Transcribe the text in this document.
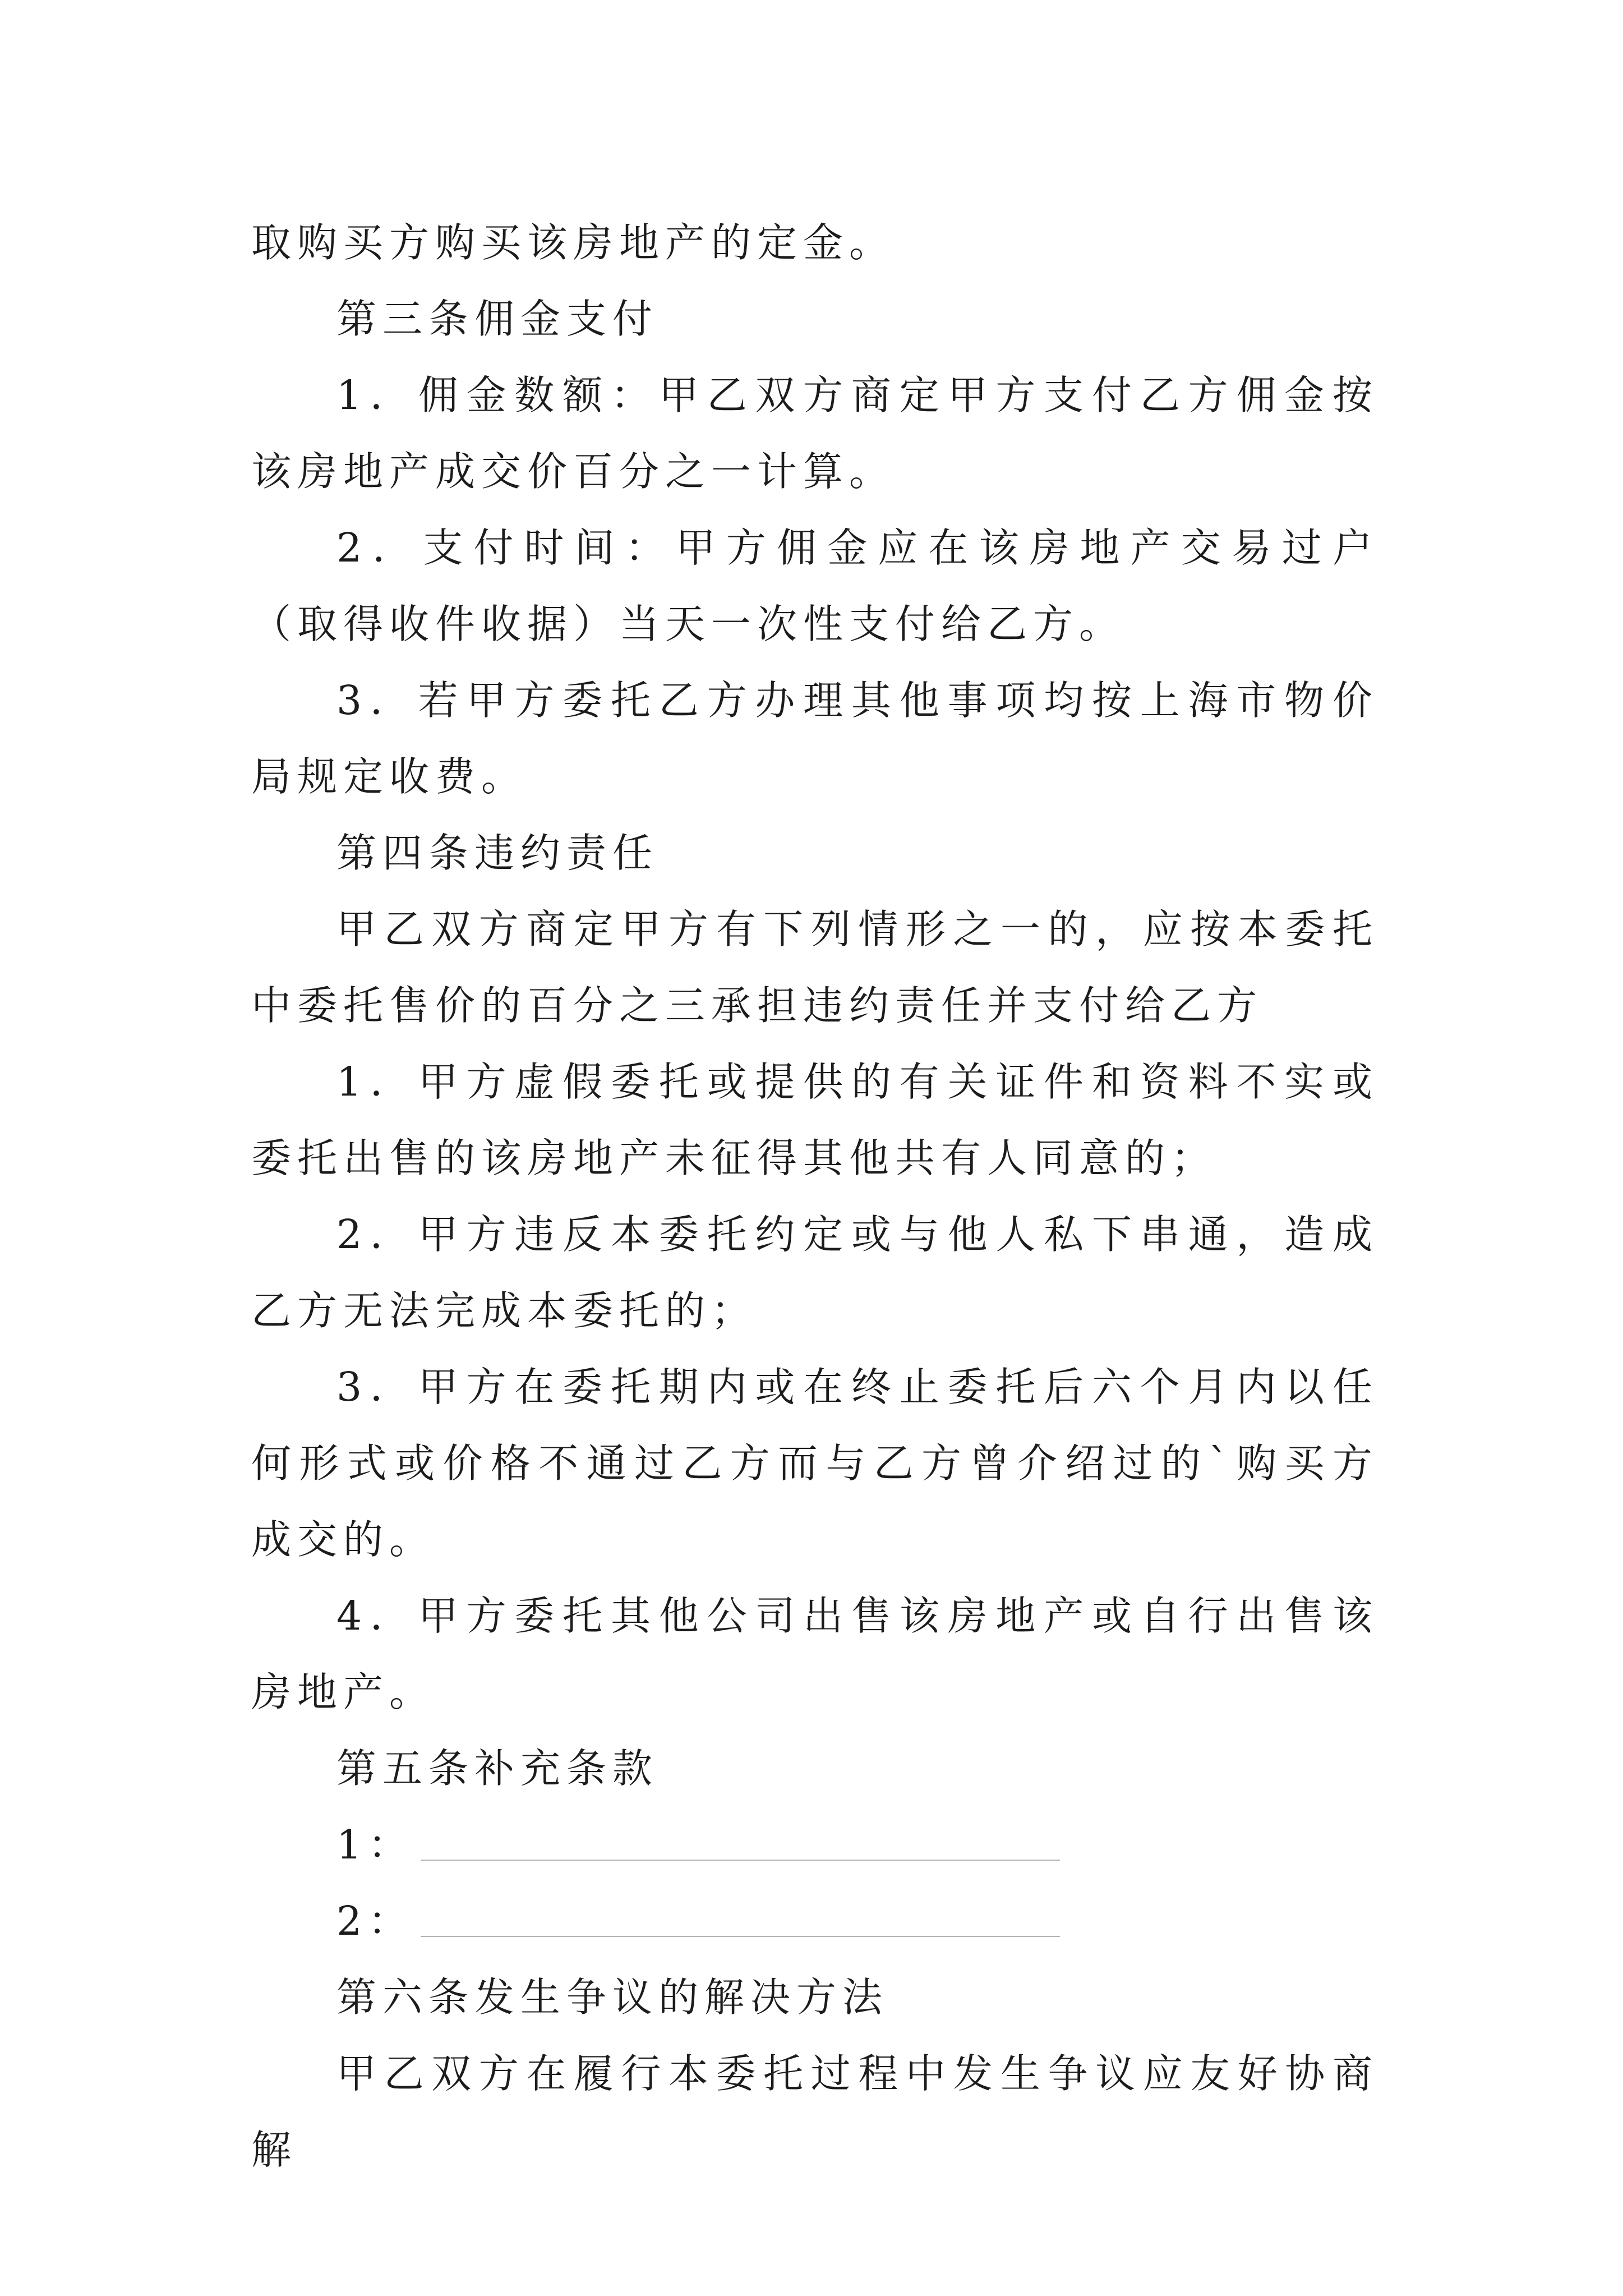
取购买方购买该房地产的定金。

第三条佣金支付

1．佣金数额：甲乙双方商定甲方支付乙方佣金按该房地产成交价百分之一计算。

2．支付时间：甲方佣金应在该房地产交易过户（取得收件收据）当天一次性支付给乙方。

3．若甲方委托乙方办理其他事项均按上海市物价局规定收费。

第四条违约责任

甲乙双方商定甲方有下列情形之一的，应按本委托中委托售价的百分之三承担违约责任并支付给乙方

1．甲方虚假委托或提供的有关证件和资料不实或委托出售的该房地产未征得其他共有人同意的；

2．甲方违反本委托约定或与他人私下串通，造成乙方无法完成本委托的；

3．甲方在委托期内或在终止委托后六个月内以任何形式或价格不通过乙方而与乙方曾介绍过的`购买方成交的。

4．甲方委托其他公司出售该房地产或自行出售该房地产。

第五条补充条款

1：
2：

第六条发生争议的解决方法

甲乙双方在履行本委托过程中发生争议应友好协商解
